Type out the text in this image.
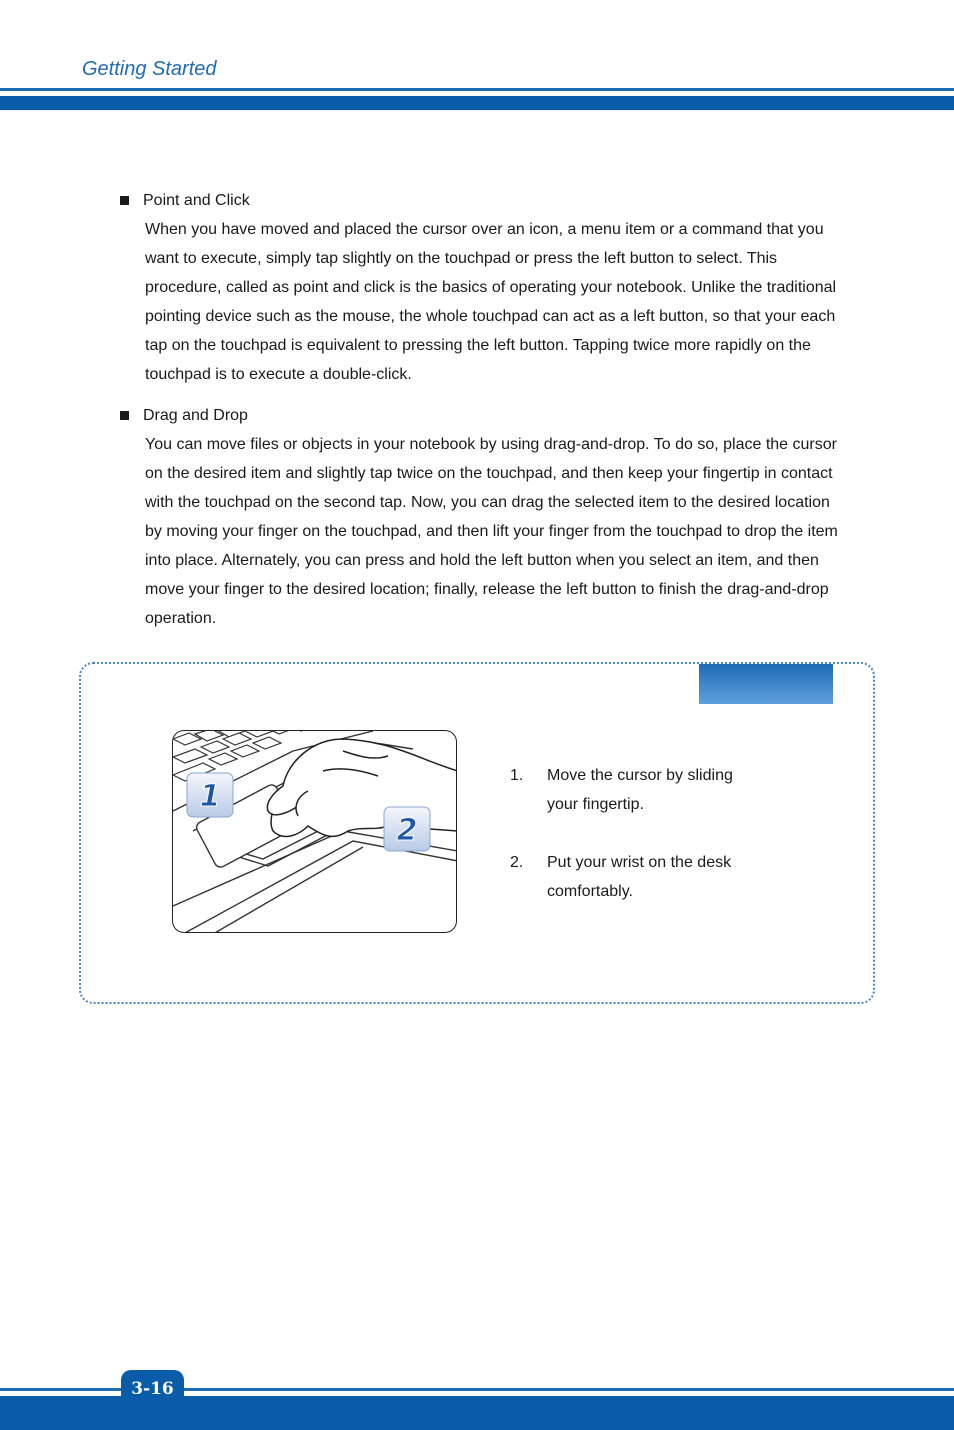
Getting Started
Point and Click
When you have moved and placed the cursor over an icon, a menu item or a command that you want to execute, simply tap slightly on the touchpad or press the left button to select. This procedure, called as point and click is the basics of operating your notebook. Unlike the traditional pointing device such as the mouse, the whole touchpad can act as a left button, so that your each tap on the touchpad is equivalent to pressing the left button. Tapping twice more rapidly on the touchpad is to execute a double-click.
Drag and Drop
You can move files or objects in your notebook by using drag-and-drop. To do so, place the cursor on the desired item and slightly tap twice on the touchpad, and then keep your fingertip in contact with the touchpad on the second tap. Now, you can drag the selected item to the desired location by moving your finger on the touchpad, and then lift your finger from the touchpad to drop the item into place. Alternately, you can press and hold the left button when you select an item, and then move your finger to the desired location; finally, release the left button to finish the drag-and-drop operation.
1
2
1. Move the cursor by sliding your fingertip.
2. Put your wrist on the desk comfortably.
3-16
